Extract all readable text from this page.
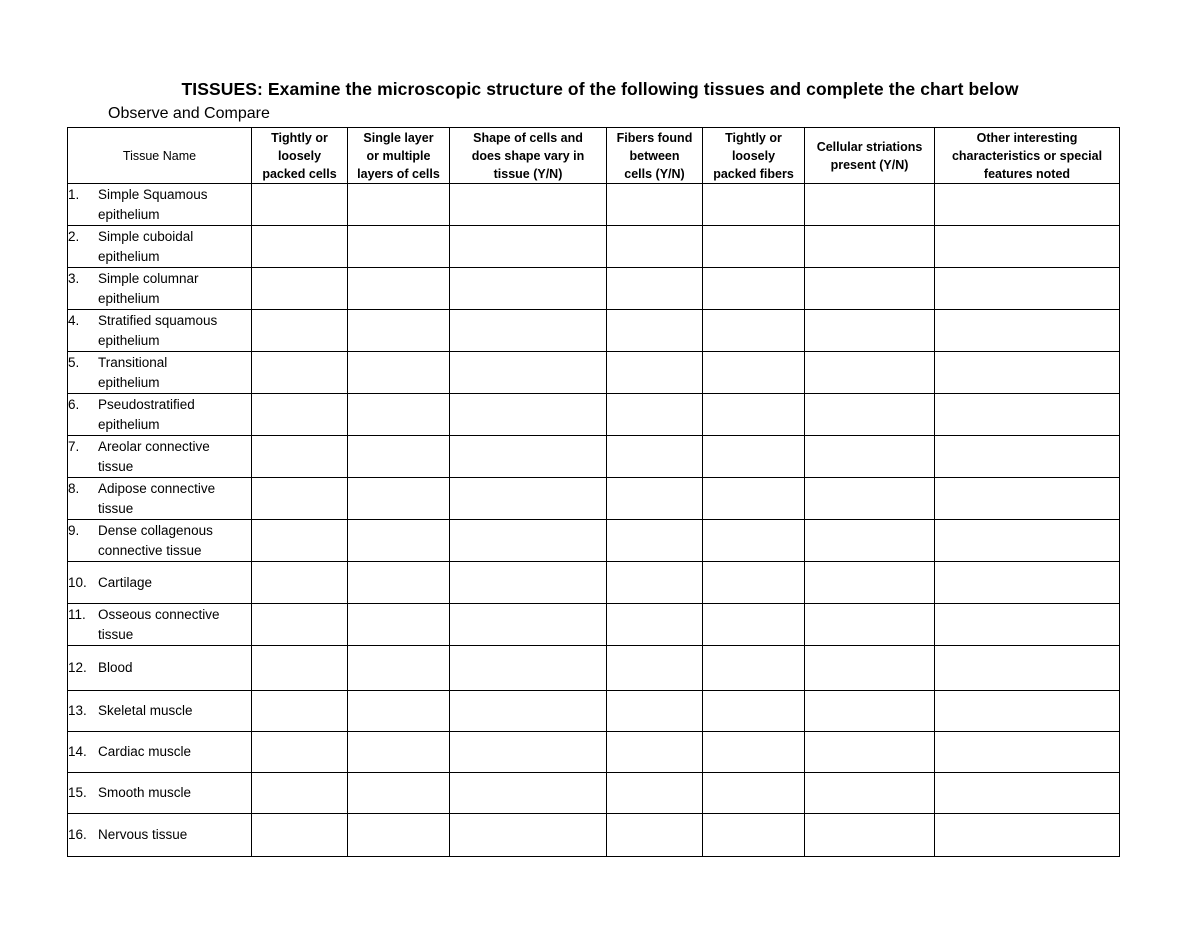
TISSUES: Examine the microscopic structure of the following tissues and complete the chart below
Observe and Compare
Tissue Name	Tightly or
loosely
packed cells	Single layer
or multiple
layers of cells	Shape of cells and
does shape vary in
tissue (Y/N)	Fibers found
between
cells (Y/N)	Tightly or
loosely
packed fibers	Cellular striations
present (Y/N)	Other interesting
characteristics or special
features noted
1. Simple Squamous
epithelium							
2. Simple cuboidal
epithelium							
3. Simple columnar
epithelium							
4. Stratified squamous
epithelium							
5. Transitional
epithelium							
6. Pseudostratified
epithelium							
7. Areolar connective
tissue							
8. Adipose connective
tissue							
9. Dense collagenous
connective tissue							
10. Cartilage							
11. Osseous connective
tissue							
12. Blood							
13. Skeletal muscle							
14. Cardiac muscle							
15. Smooth muscle							
16. Nervous tissue							
